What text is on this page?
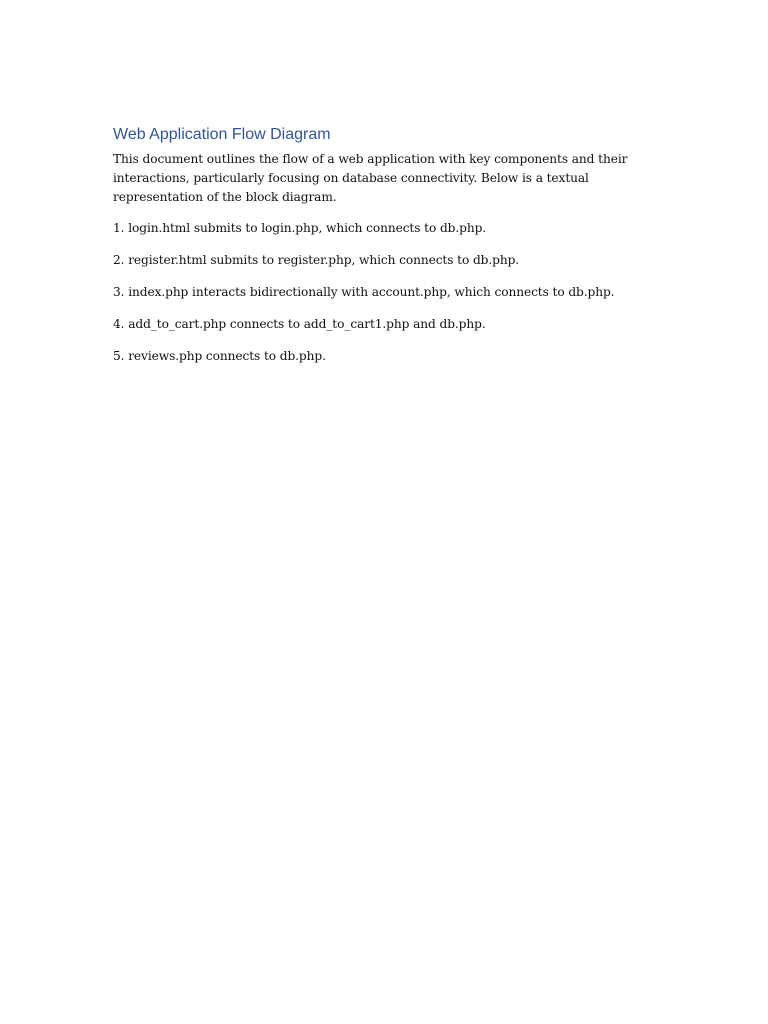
Web Application Flow Diagram

This document outlines the flow of a web application with key components and their
interactions, particularly focusing on database connectivity. Below is a textual
representation of the block diagram.

1. login.html submits to login.php, which connects to db.php.

2. register.html submits to register.php, which connects to db.php.

3. index.php interacts bidirectionally with account.php, which connects to db.php.

4. add_to_cart.php connects to add_to_cart1.php and db.php.

5. reviews.php connects to db.php.
